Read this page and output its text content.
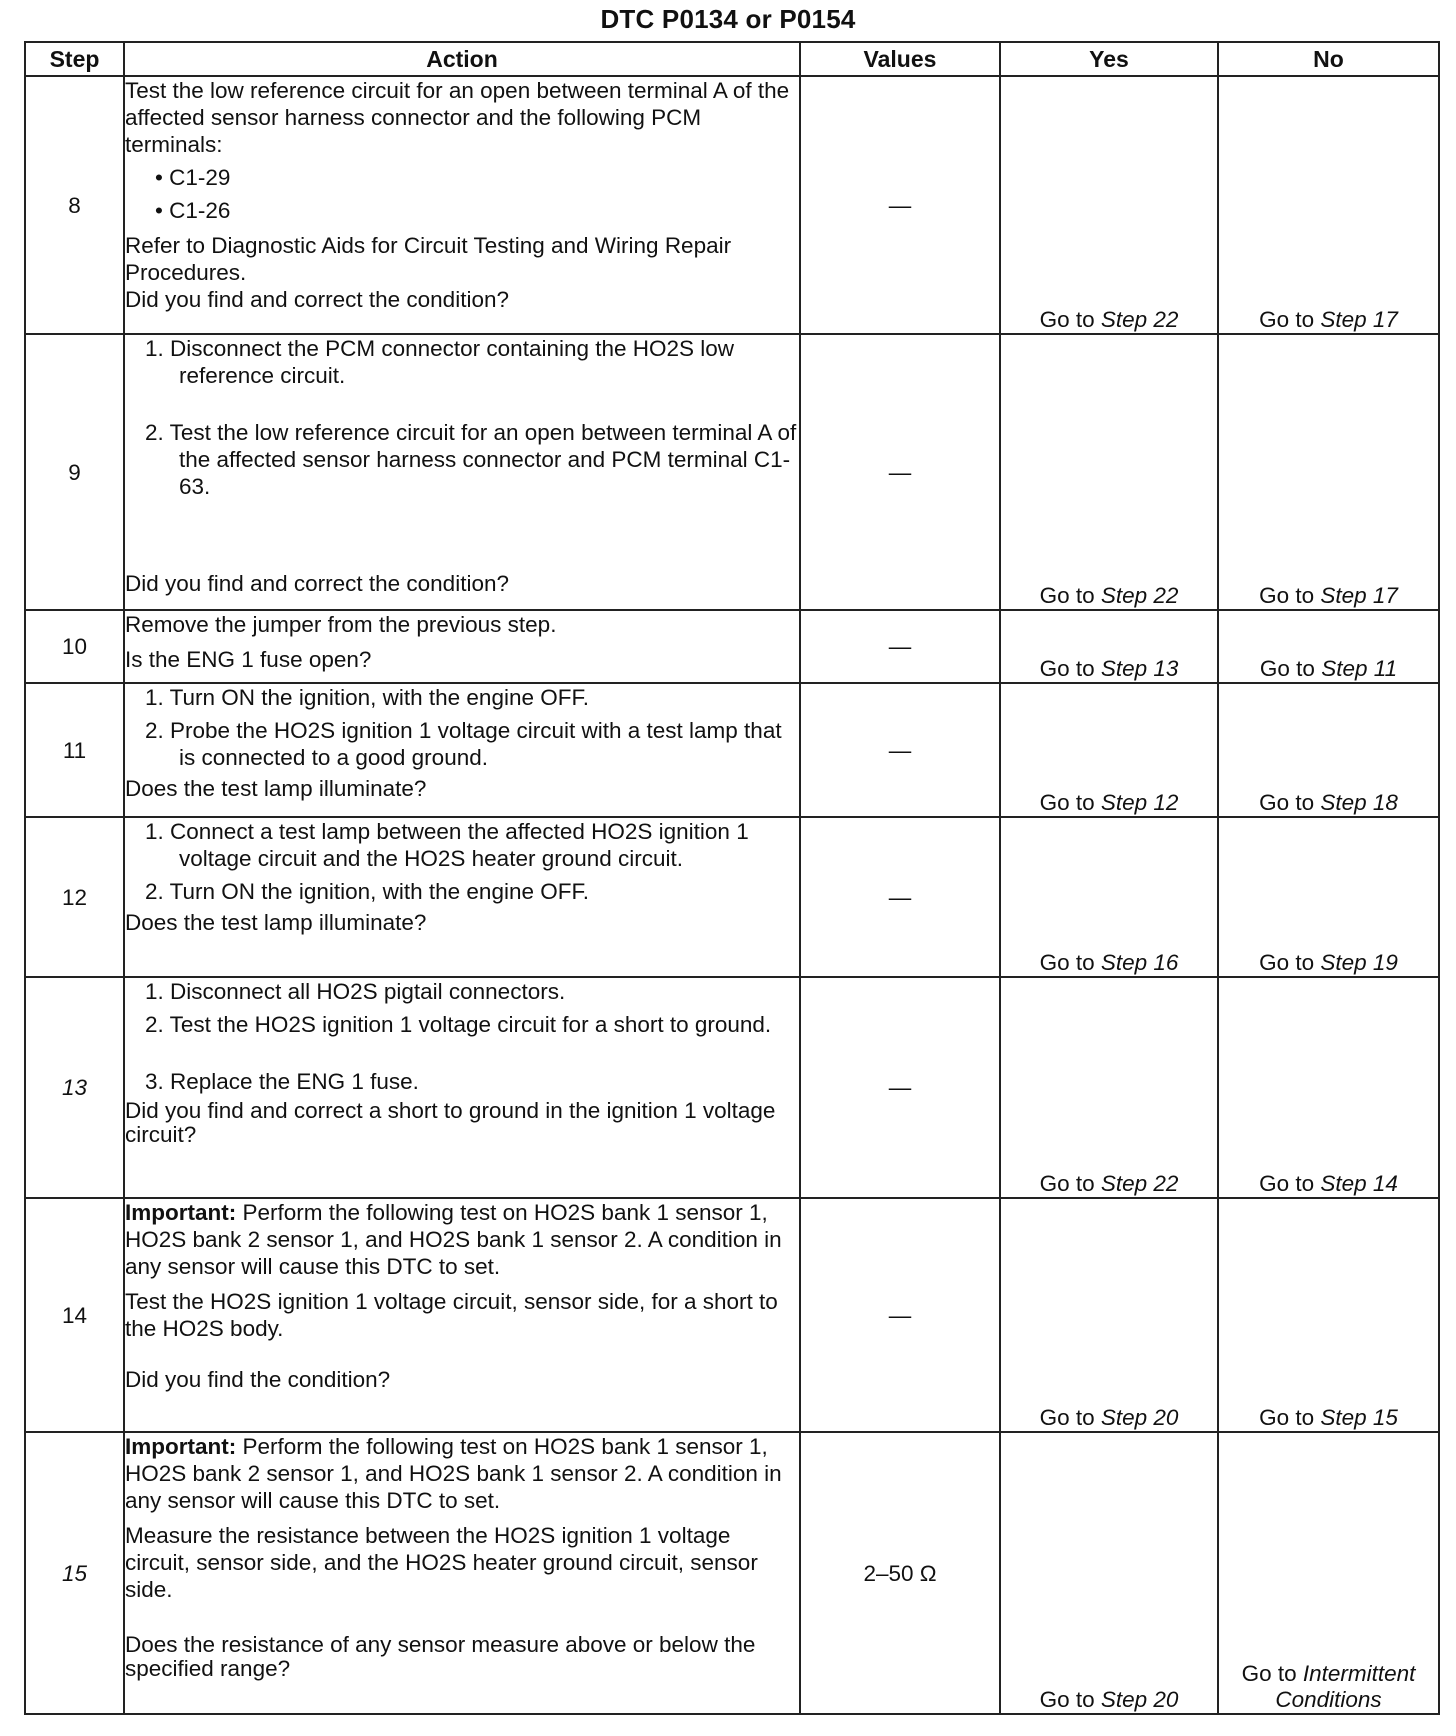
DTC P0134 or P0154
Step	Action	Values	Yes	No
8	Test the low reference circuit for an open between terminal A of the affected sensor harness connector and the following PCM terminals:

• C1-29

• C1-26

Refer to Diagnostic Aids for Circuit Testing and Wiring Repair Procedures.

Did you find and correct the condition?	—	Go to Step 22	Go to Step 17
9	1. Disconnect the PCM connector containing the HO2S low reference circuit.
2. Test the low reference circuit for an open between terminal A of the affected sensor harness connector and PCM terminal C1-63.

Did you find and correct the condition?	—	Go to Step 22	Go to Step 17
10	Remove the jumper from the previous step.

Is the ENG 1 fuse open?	—	Go to Step 13	Go to Step 11
11	1. Turn ON the ignition, with the engine OFF.
2. Probe the HO2S ignition 1 voltage circuit with a test lamp that is connected to a good ground.

Does the test lamp illuminate?	—	Go to Step 12	Go to Step 18
12	1. Connect a test lamp between the affected HO2S ignition 1 voltage circuit and the HO2S heater ground circuit.
2. Turn ON the ignition, with the engine OFF.

Does the test lamp illuminate?	—	Go to Step 16	Go to Step 19
13	1. Disconnect all HO2S pigtail connectors.
2. Test the HO2S ignition 1 voltage circuit for a short to ground.
3. Replace the ENG 1 fuse.

Did you find and correct a short to ground in the ignition 1 voltage circuit?	—	Go to Step 22	Go to Step 14
14	Important: Perform the following test on HO2S bank 1 sensor 1, HO2S bank 2 sensor 1, and HO2S bank 1 sensor 2. A condition in any sensor will cause this DTC to set.

Test the HO2S ignition 1 voltage circuit, sensor side, for a short to the HO2S body.

Did you find the condition?	—	Go to Step 20	Go to Step 15
15	Important: Perform the following test on HO2S bank 1 sensor 1, HO2S bank 2 sensor 1, and HO2S bank 1 sensor 2. A condition in any sensor will cause this DTC to set.

Measure the resistance between the HO2S ignition 1 voltage circuit, sensor side, and the HO2S heater ground circuit, sensor side.

Does the resistance of any sensor measure above or below the specified range?	2–50 Ω	Go to Step 20	Go to Intermittent Conditions
